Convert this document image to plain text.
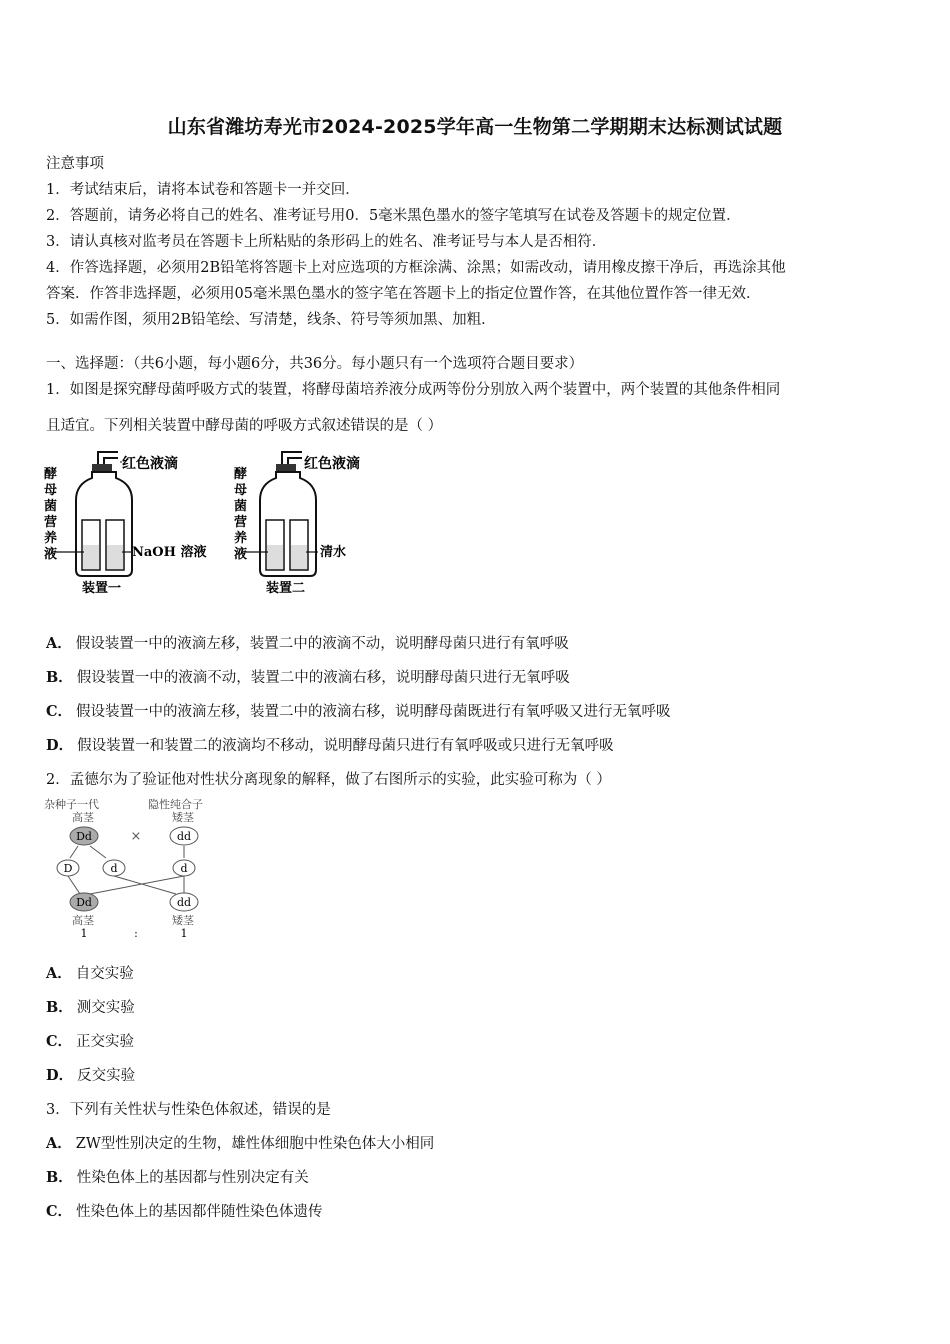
山东省潍坊寿光市2024-2025学年高一生物第二学期期末达标测试试题
注意事项
1．考试结束后，请将本试卷和答题卡一并交回．
2．答题前，请务必将自己的姓名、准考证号用0．5毫米黑色墨水的签字笔填写在试卷及答题卡的规定位置．
3．请认真核对监考员在答题卡上所粘贴的条形码上的姓名、准考证号与本人是否相符．
4．作答选择题，必须用2B铅笔将答题卡上对应选项的方框涂满、涂黑；如需改动，请用橡皮擦干净后，再选涂其他
答案．作答非选择题，必须用05毫米黑色墨水的签字笔在答题卡上的指定位置作答，在其他位置作答一律无效．
5．如需作图，须用2B铅笔绘、写清楚，线条、符号等须加黑、加粗．
一、选择题：（共6小题，每小题6分，共36分。每小题只有一个选项符合题目要求）
1．如图是探究酵母菌呼吸方式的装置，将酵母菌培养液分成两等份分别放入两个装置中，两个装置的其他条件相同
且适宜。下列相关装置中酵母菌的呼吸方式叙述错误的是（ ）
酵
母
菌
营
养
液
红色液滴
NaOH 溶液
装置一
酵
母
菌
营
养
液
红色液滴
清水
装置二
A． 假设装置一中的液滴左移，装置二中的液滴不动，说明酵母菌只进行有氧呼吸
B． 假设装置一中的液滴不动，装置二中的液滴右移，说明酵母菌只进行无氧呼吸
C． 假设装置一中的液滴左移，装置二中的液滴右移，说明酵母菌既进行有氧呼吸又进行无氧呼吸
D． 假设装置一和装置二的液滴均不移动，说明酵母菌只进行有氧呼吸或只进行无氧呼吸
2．孟德尔为了验证他对性状分离现象的解释，做了右图所示的实验，此实验可称为（ ）
杂种子一代	隐性纯合子
高茎	矮茎
Dd	×	dd
D	d	d
Dd	dd
高茎	矮茎
1	:	1
A． 自交实验
B． 测交实验
C． 正交实验
D． 反交实验
3．下列有关性状与性染色体叙述，错误的是
A． ZW型性别决定的生物，雄性体细胞中性染色体大小相同
B． 性染色体上的基因都与性别决定有关
C． 性染色体上的基因都伴随性染色体遗传
